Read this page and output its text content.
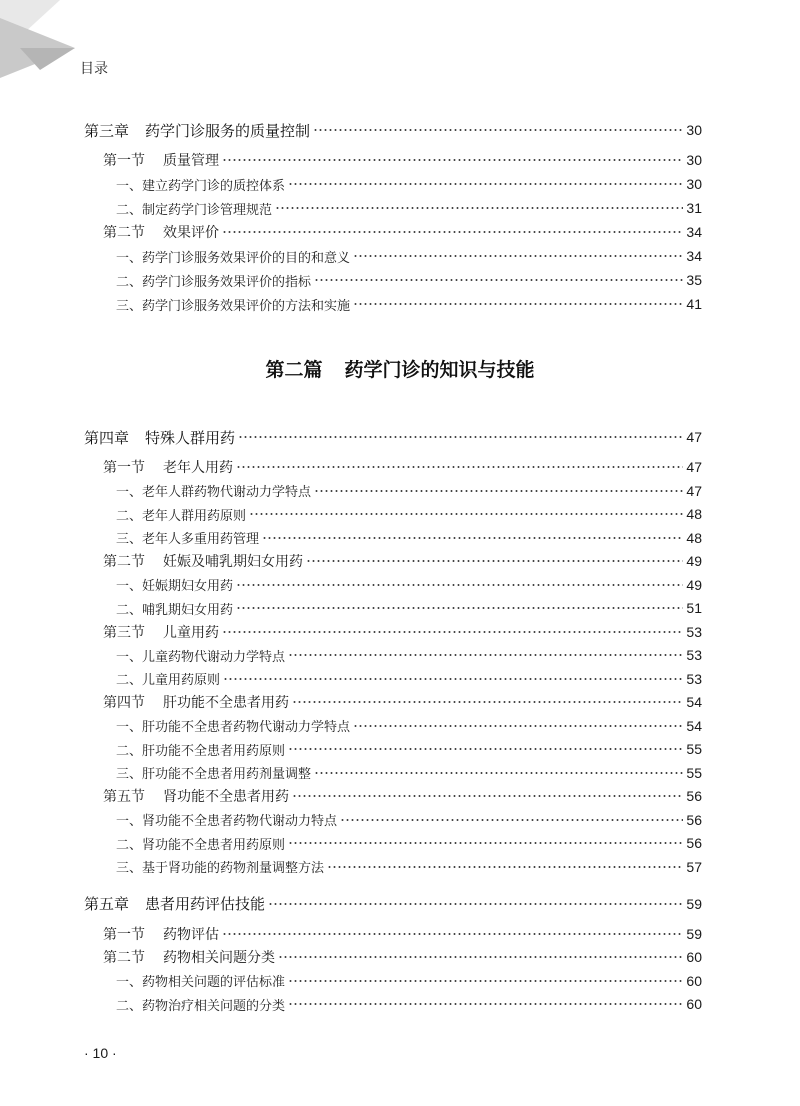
目录
第三章 药学门诊服务的质量控制	30
第一节 质量管理	30
一、建立药学门诊的质控体系	30
二、制定药学门诊管理规范	31
第二节 效果评价	34
一、药学门诊服务效果评价的目的和意义	34
二、药学门诊服务效果评价的指标	35
三、药学门诊服务效果评价的方法和实施	41
第四章 特殊人群用药	47
第一节 老年人用药	47
一、老年人群药物代谢动力学特点	47
二、老年人群用药原则	48
三、老年人多重用药管理	48
第二节 妊娠及哺乳期妇女用药	49
一、妊娠期妇女用药	49
二、哺乳期妇女用药	51
第三节 儿童用药	53
一、儿童药物代谢动力学特点	53
二、儿童用药原则	53
第四节 肝功能不全患者用药	54
一、肝功能不全患者药物代谢动力学特点	54
二、肝功能不全患者用药原则	55
三、肝功能不全患者用药剂量调整	55
第五节 肾功能不全患者用药	56
一、肾功能不全患者药物代谢动力特点	56
二、肾功能不全患者用药原则	56
三、基于肾功能的药物剂量调整方法	57
第五章 患者用药评估技能	59
第一节 药物评估	59
第二节 药物相关问题分类	60
一、药物相关问题的评估标准	60
二、药物治疗相关问题的分类	60
第二篇 药学门诊的知识与技能
· 10 ·
